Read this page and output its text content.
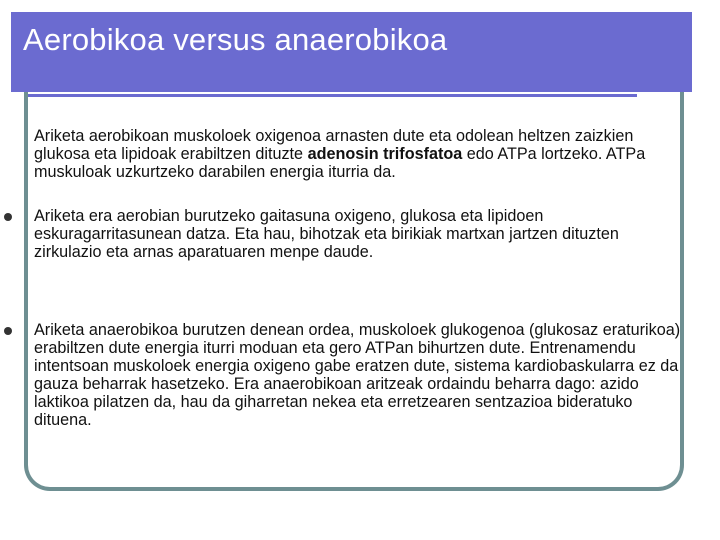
Aerobikoa versus anaerobikoa
Ariketa aerobikoan muskoloek oxigenoa arnasten dute eta odolean heltzen zaizkien glukosa eta lipidoak erabiltzen dituzte adenosin trifosfatoa edo ATPa lortzeko. ATPa muskuloak uzkurtzeko darabilen energia iturria da.
Ariketa era aerobian burutzeko gaitasuna oxigeno, glukosa eta lipidoen eskuragarritasunean datza. Eta hau, bihotzak eta birikiak martxan jartzen dituzten zirkulazio eta arnas aparatuaren menpe daude.
Ariketa anaerobikoa burutzen denean ordea, muskoloek glukogenoa (glukosaz eraturikoa) erabiltzen dute energia iturri moduan eta gero ATPan bihurtzen dute. Entrenamendu intentsoan muskoloek energia oxigeno gabe eratzen dute, sistema kardiobaskularra ez da gauza beharrak hasetzeko. Era anaerobikoan aritzeak ordaindu beharra dago: azido laktikoa pilatzen da, hau da giharretan nekea eta erretzearen sentzazioa bideratuko dituena.
